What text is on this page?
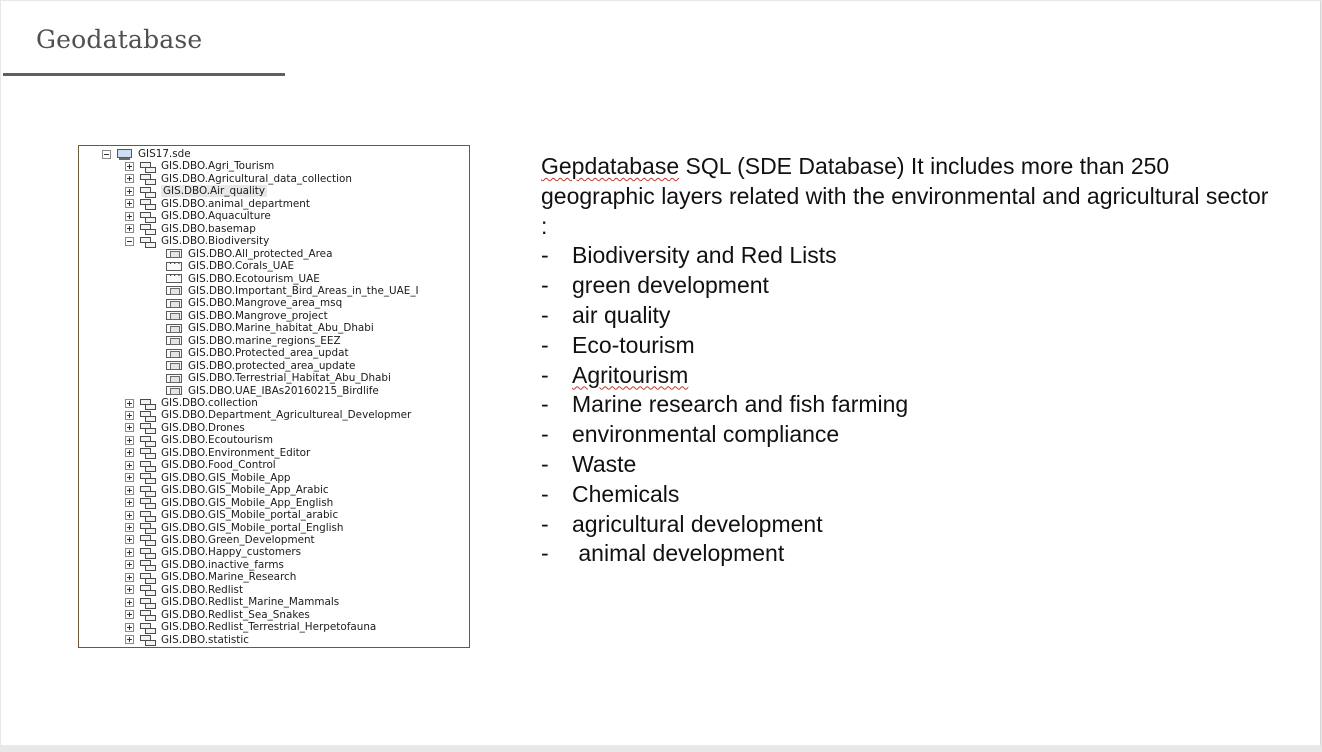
Geodatabase
GIS17.sde
GIS.DBO.Agri_Tourism
GIS.DBO.Agricultural_data_collection
GIS.DBO.Air_quality
GIS.DBO.animal_department
GIS.DBO.Aquaculture
GIS.DBO.basemap
GIS.DBO.Biodiversity
GIS.DBO.All_protected_Area
···
GIS.DBO.Corals_UAE
···
GIS.DBO.Ecotourism_UAE
GIS.DBO.Important_Bird_Areas_in_the_UAE_I
GIS.DBO.Mangrove_area_msq
GIS.DBO.Mangrove_project
GIS.DBO.Marine_habitat_Abu_Dhabi
GIS.DBO.marine_regions_EEZ
GIS.DBO.Protected_area_updat
GIS.DBO.protected_area_update
GIS.DBO.Terrestrial_Habitat_Abu_Dhabi
GIS.DBO.UAE_IBAs20160215_Birdlife
GIS.DBO.collection
GIS.DBO.Department_Agricultureal_Developmer
GIS.DBO.Drones
GIS.DBO.Ecoutourism
GIS.DBO.Environment_Editor
GIS.DBO.Food_Control
GIS.DBO.GIS_Mobile_App
GIS.DBO.GIS_Mobile_App_Arabic
GIS.DBO.GIS_Mobile_App_English
GIS.DBO.GIS_Mobile_portal_arabic
GIS.DBO.GIS_Mobile_portal_English
GIS.DBO.Green_Development
GIS.DBO.Happy_customers
GIS.DBO.inactive_farms
GIS.DBO.Marine_Research
GIS.DBO.Redlist
GIS.DBO.Redlist_Marine_Mammals
GIS.DBO.Redlist_Sea_Snakes
GIS.DBO.Redlist_Terrestrial_Herpetofauna
GIS.DBO.statistic

Gepdatabase SQL (SDE Database) It includes more than 250 geographic layers related with the environmental and agricultural sector :

-	Biodiversity and Red Lists
-	green development
-	air quality
-	Eco-tourism
-	Agritourism
-	Marine research and fish farming
-	environmental compliance
-	Waste
-	Chemicals
-	agricultural development
-	animal development
